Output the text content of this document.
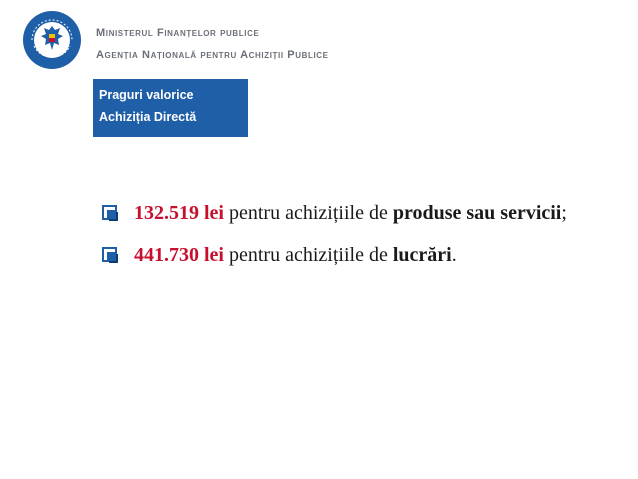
Ministerul Finanțelor publice
Agenția Națională pentru Achiziții Publice
Praguri valorice
Achiziția Directă
132.519 lei pentru achizițiile de produse sau servicii;
441.730 lei pentru achizițiile de lucrări.
